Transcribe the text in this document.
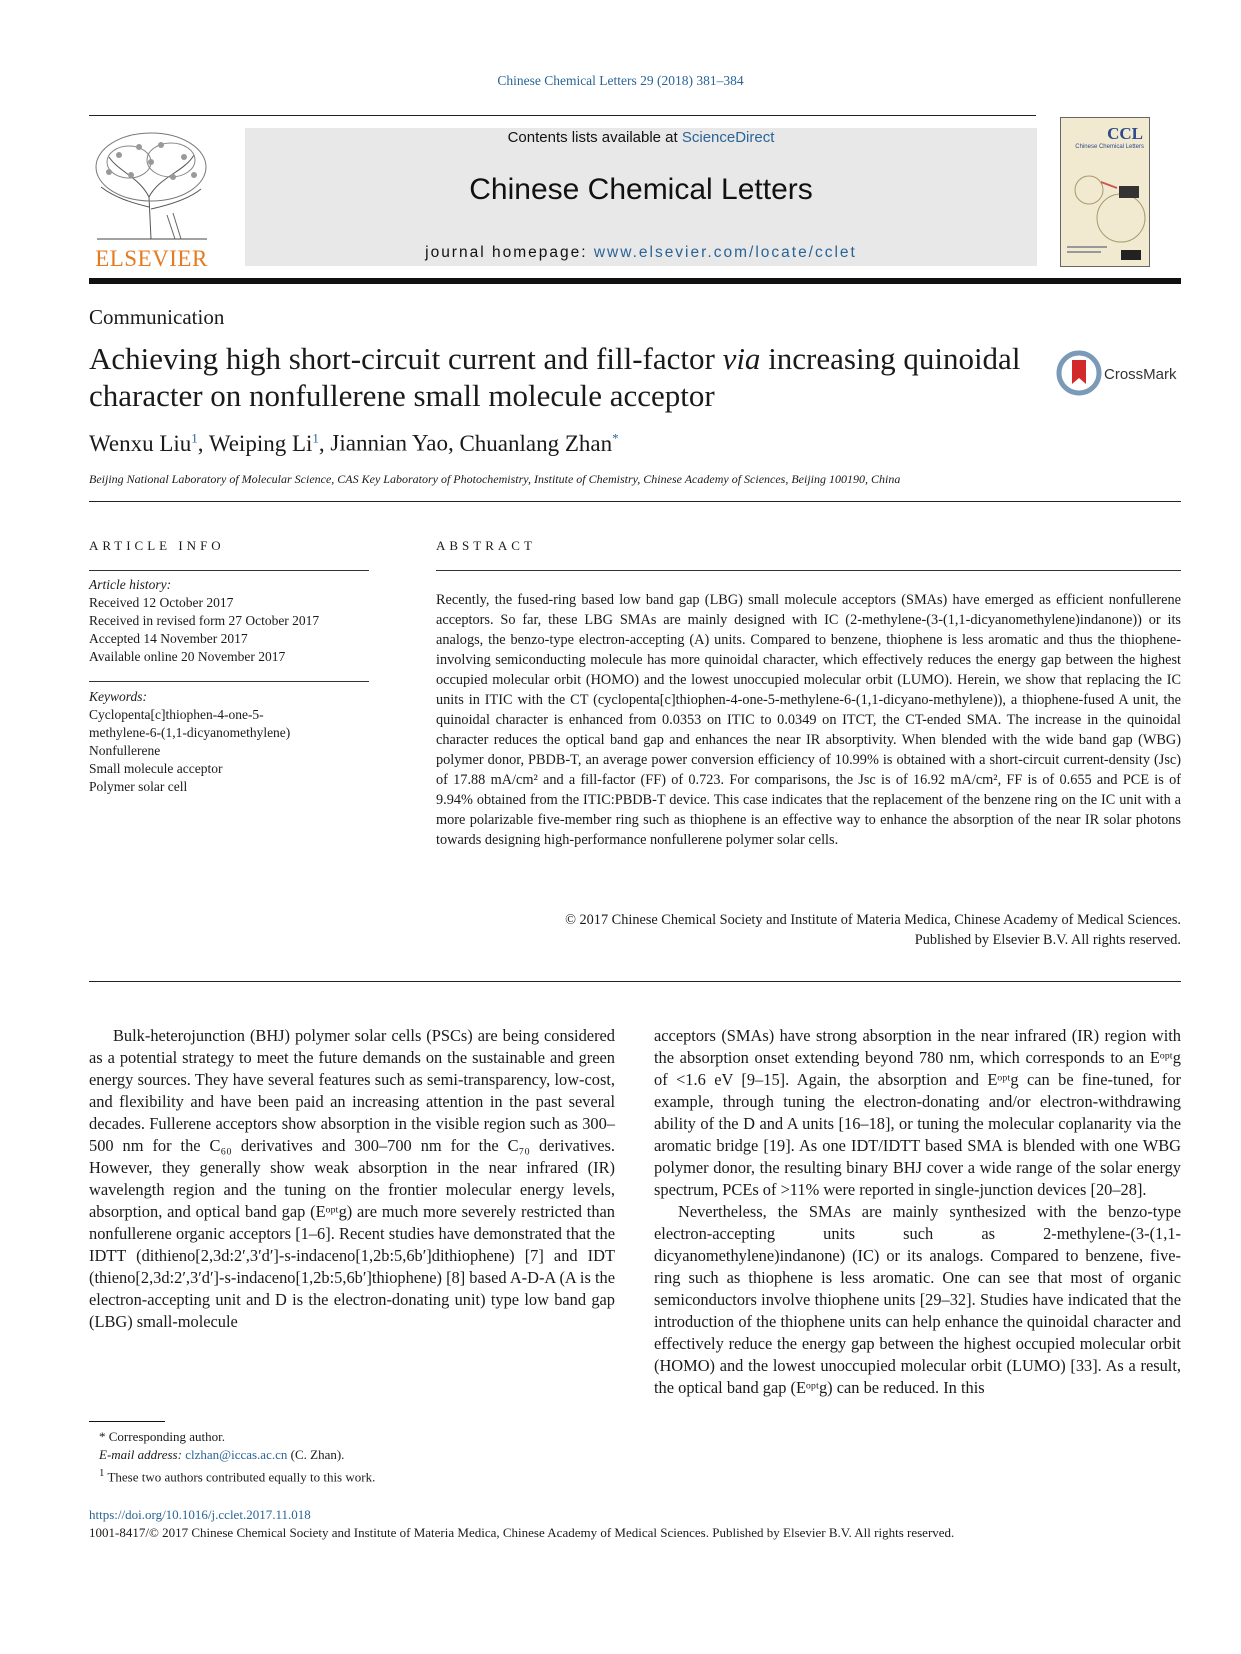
Chinese Chemical Letters 29 (2018) 381–384
ELSEVIER
Contents lists available at ScienceDirect
Chinese Chemical Letters
journal homepage: www.elsevier.com/locate/cclet
CCL
Chinese Chemical Letters
Communication
Achieving high short-circuit current and fill-factor via increasing quinoidal character on nonfullerene small molecule acceptor
CrossMark
Wenxu Liu$^1$, Weiping Li$^1$, Jiannian Yao, Chuanlang Zhan*
Beijing National Laboratory of Molecular Science, CAS Key Laboratory of Photochemistry, Institute of Chemistry, Chinese Academy of Sciences, Beijing 100190, China
ARTICLE INFO
Article history:
Received 12 October 2017
Received in revised form 27 October 2017
Accepted 14 November 2017
Available online 20 November 2017
Keywords:
Cyclopenta[c]thiophen-4-one-5-
methylene-6-(1,1-dicyanomethylene)
Nonfullerene
Small molecule acceptor
Polymer solar cell
ABSTRACT
Recently, the fused-ring based low band gap (LBG) small molecule acceptors (SMAs) have emerged as efficient nonfullerene acceptors. So far, these LBG SMAs are mainly designed with IC (2-methylene-(3-(1,1-dicyanomethylene)indanone)) or its analogs, the benzo-type electron-accepting (A) units. Compared to benzene, thiophene is less aromatic and thus the thiophene-involving semiconducting molecule has more quinoidal character, which effectively reduces the energy gap between the highest occupied molecular orbit (HOMO) and the lowest unoccupied molecular orbit (LUMO). Herein, we show that replacing the IC units in ITIC with the CT (cyclopenta[c]thiophen-4-one-5-methylene-6-(1,1-dicyano-methylene)), a thiophene-fused A unit, the quinoidal character is enhanced from 0.0353 on ITIC to 0.0349 on ITCT, the CT-ended SMA. The increase in the quinoidal character reduces the optical band gap and enhances the near IR absorptivity. When blended with the wide band gap (WBG) polymer donor, PBDB-T, an average power conversion efficiency of 10.99% is obtained with a short-circuit current-density (Jsc) of 17.88 mA/cm² and a fill-factor (FF) of 0.723. For comparisons, the Jsc is of 16.92 mA/cm², FF is of 0.655 and PCE is of 9.94% obtained from the ITIC:PBDB-T device. This case indicates that the replacement of the benzene ring on the IC unit with a more polarizable five-member ring such as thiophene is an effective way to enhance the absorption of the near IR solar photons towards designing high-performance nonfullerene polymer solar cells.
© 2017 Chinese Chemical Society and Institute of Materia Medica, Chinese Academy of Medical Sciences.
Published by Elsevier B.V. All rights reserved.

Bulk-heterojunction (BHJ) polymer solar cells (PSCs) are being considered as a potential strategy to meet the future demands on the sustainable and green energy sources. They have several features such as semi-transparency, low-cost, and flexibility and have been paid an increasing attention in the past several decades. Fullerene acceptors show absorption in the visible region such as 300–500 nm for the C₆₀ derivatives and 300–700 nm for the C₇₀ derivatives. However, they generally show weak absorption in the near infrared (IR) wavelength region and the tuning on the frontier molecular energy levels, absorption, and optical band gap (Eᵒᵖᵗg) are much more severely restricted than nonfullerene organic acceptors [1–6]. Recent studies have demonstrated that the IDTT (dithieno[2,3d:2′,3′d′]-s-indaceno[1,2b:5,6b′]dithiophene) [7] and IDT (thieno[2,3d:2′,3′d′]-s-indaceno[1,2b:5,6b′]thiophene) [8] based A-D-A (A is the electron-accepting unit and D is the electron-donating unit) type low band gap (LBG) small-molecule

acceptors (SMAs) have strong absorption in the near infrared (IR) region with the absorption onset extending beyond 780 nm, which corresponds to an Eᵒᵖᵗg of <1.6 eV [9–15]. Again, the absorption and Eᵒᵖᵗg can be fine-tuned, for example, through tuning the electron-donating and/or electron-withdrawing ability of the D and A units [16–18], or tuning the molecular coplanarity via the aromatic bridge [19]. As one IDT/IDTT based SMA is blended with one WBG polymer donor, the resulting binary BHJ cover a wide range of the solar energy spectrum, PCEs of >11% were reported in single-junction devices [20–28].

Nevertheless, the SMAs are mainly synthesized with the benzo-type electron-accepting units such as 2-methylene-(3-(1,1-dicyanomethylene)indanone) (IC) or its analogs. Compared to benzene, five-ring such as thiophene is less aromatic. One can see that most of organic semiconductors involve thiophene units [29–32]. Studies have indicated that the introduction of the thiophene units can help enhance the quinoidal character and effectively reduce the energy gap between the highest occupied molecular orbit (HOMO) and the lowest unoccupied molecular orbit (LUMO) [33]. As a result, the optical band gap (Eᵒᵖᵗg) can be reduced. In this

* Corresponding author.
E-mail address: clzhan@iccas.ac.cn (C. Zhan).
$^1$ These two authors contributed equally to this work.
https://doi.org/10.1016/j.cclet.2017.11.018
1001-8417/© 2017 Chinese Chemical Society and Institute of Materia Medica, Chinese Academy of Medical Sciences. Published by Elsevier B.V. All rights reserved.
